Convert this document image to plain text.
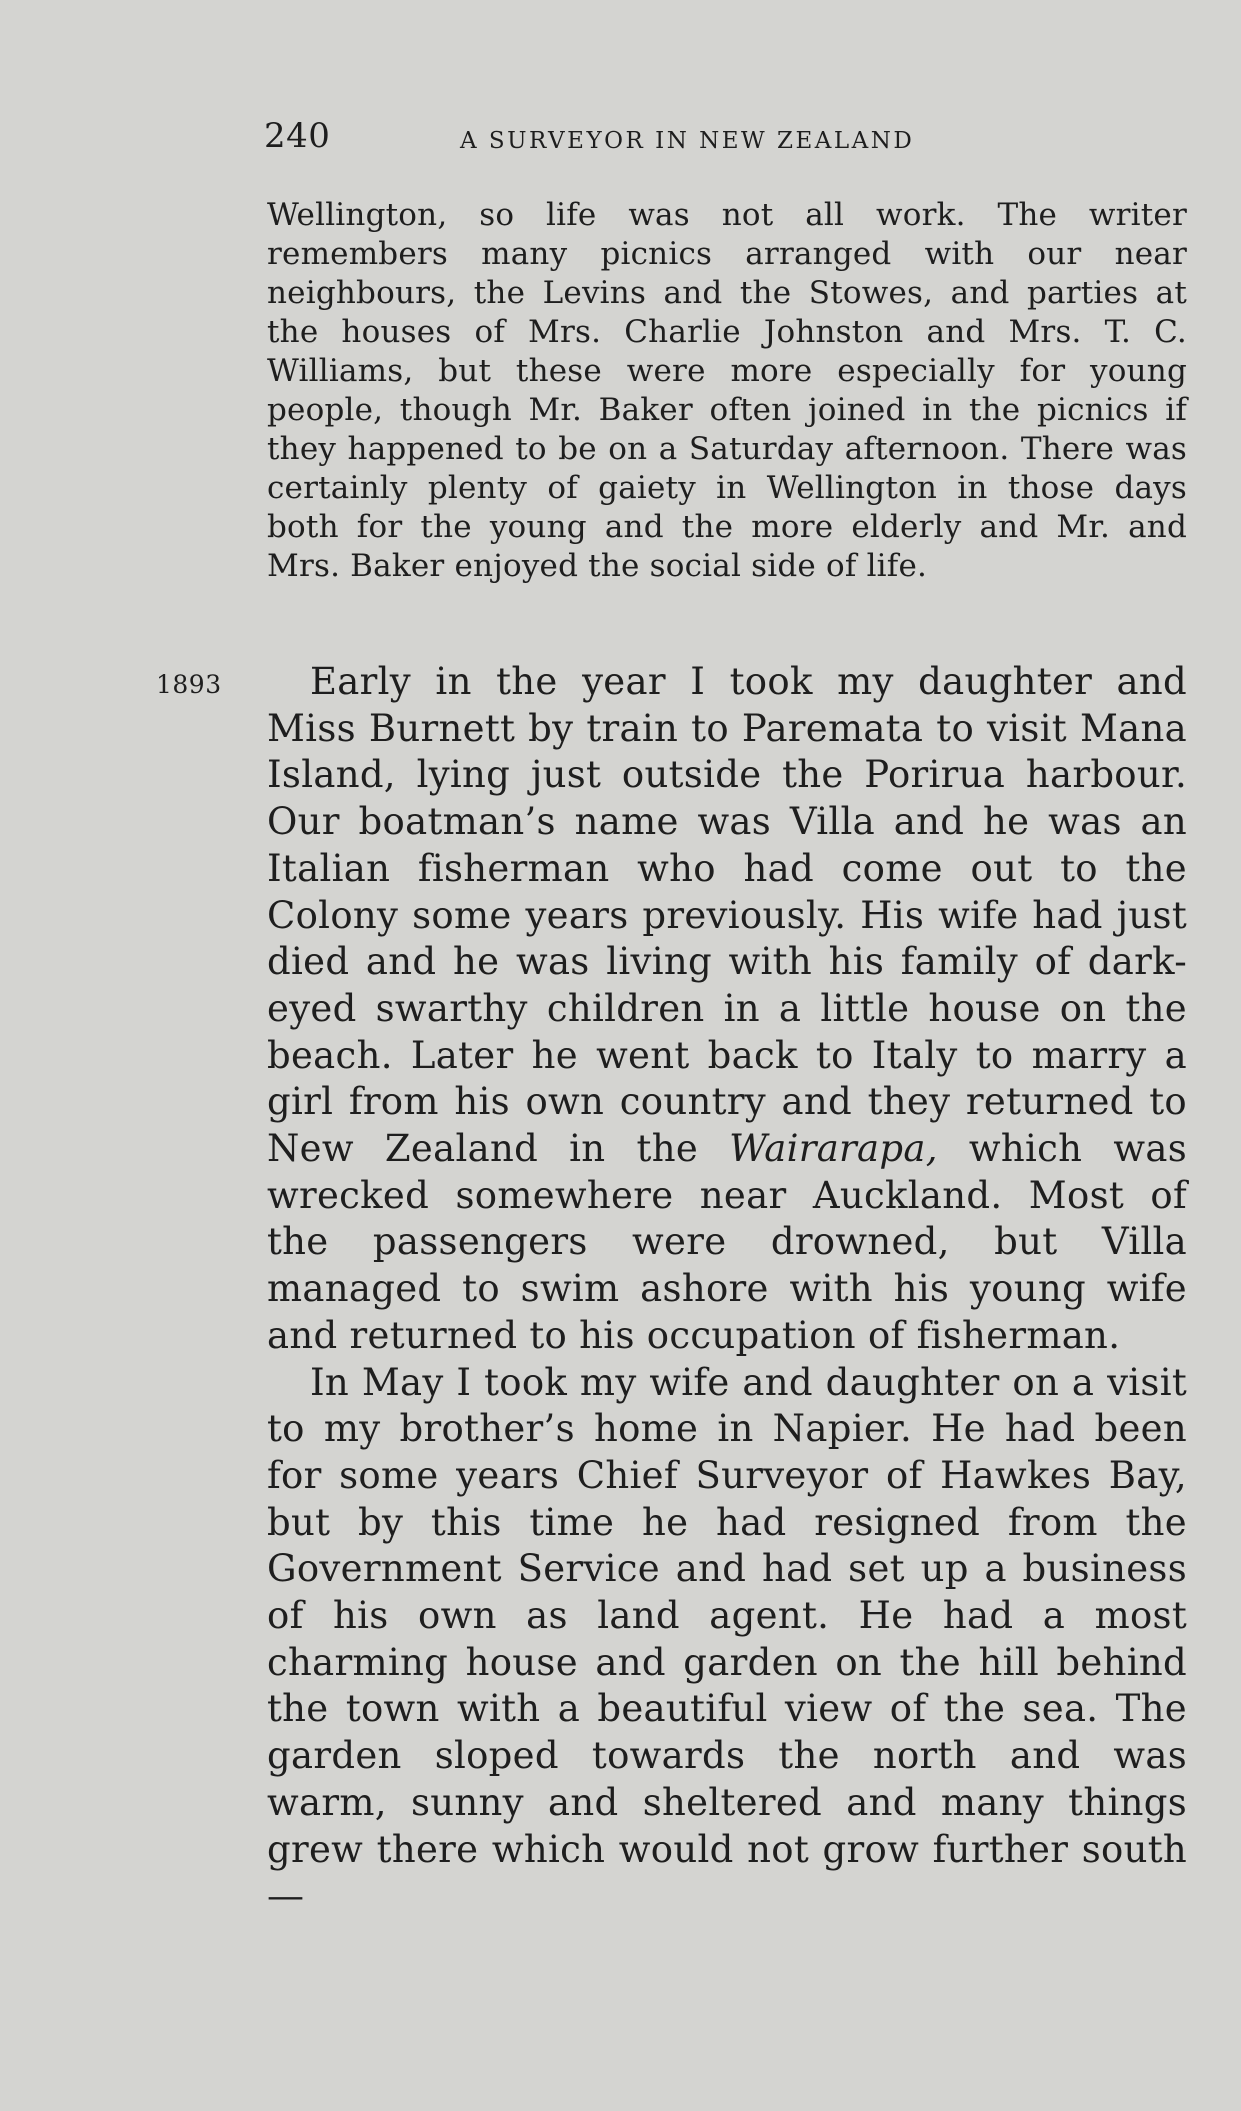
240	A SURVEYOR IN NEW ZEALAND

Wellington, so life was not all work. The writer remembers many picnics arranged with our near neighbours, the Levins and the Stowes, and parties at the houses of Mrs. Charlie Johnston and Mrs. T. C. Williams, but these were more especially for young people, though Mr. Baker often joined in the picnics if they happened to be on a Saturday afternoon. There was certainly plenty of gaiety in Wellington in those days both for the young and the more elderly and Mr. and Mrs. Baker enjoyed the social side of life.

1893	Early in the year I took my daughter and Miss Burnett by train to Paremata to visit Mana Island, lying just outside the Porirua harbour. Our boatman’s name was Villa and he was an Italian fisherman who had come out to the Colony some years previously. His wife had just died and he was living with his family of dark-eyed swarthy children in a little house on the beach. Later he went back to Italy to marry a girl from his own country and they returned to New Zealand in the Wairarapa, which was wrecked somewhere near Auckland. Most of the passengers were drowned, but Villa managed to swim ashore with his young wife and returned to his occupation of fisherman.

In May I took my wife and daughter on a visit to my brother’s home in Napier. He had been for some years Chief Surveyor of Hawkes Bay, but by this time he had resigned from the Government Service and had set up a business of his own as land agent. He had a most charming house and garden on the hill behind the town with a beautiful view of the sea. The garden sloped towards the north and was warm, sunny and sheltered and many things grew there which would not grow further south—
